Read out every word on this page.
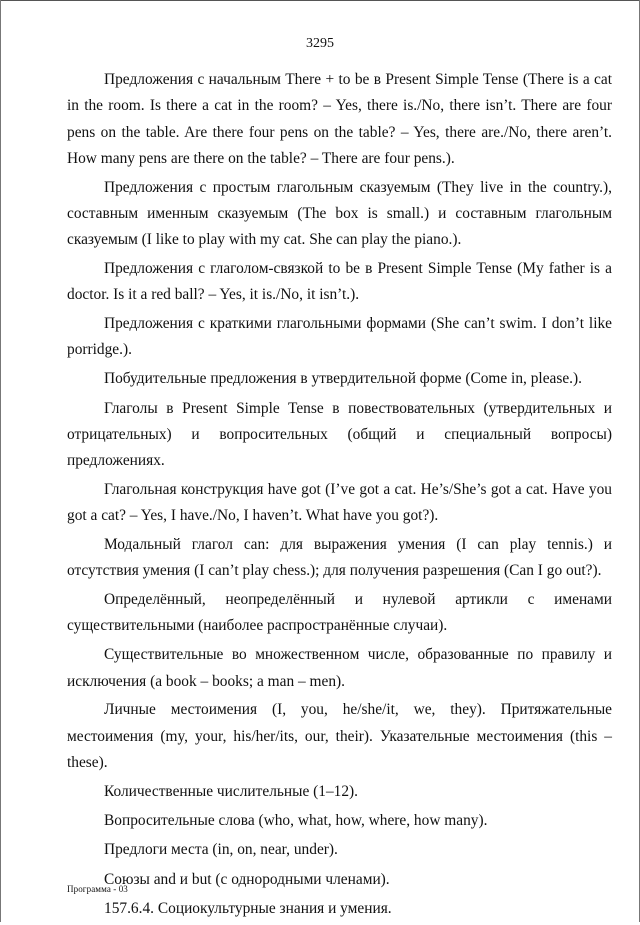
3295

Предложения с начальным There + to be в Present Simple Tense (There is a cat in the room. Is there a cat in the room? – Yes, there is./No, there isn’t. There are four pens on the table. Are there four pens on the table? – Yes, there are./No, there aren’t. How many pens are there on the table? – There are four pens.).

Предложения с простым глагольным сказуемым (They live in the country.), составным именным сказуемым (The box is small.) и составным глагольным сказуемым (I like to play with my cat. She can play the piano.).

Предложения с глаголом-связкой to be в Present Simple Tense (My father is a doctor. Is it a red ball? – Yes, it is./No, it isn’t.).

Предложения с краткими глагольными формами (She can’t swim. I don’t like porridge.).

Побудительные предложения в утвердительной форме (Come in, please.).

Глаголы в Present Simple Tense в повествовательных (утвердительных и отрицательных) и вопросительных (общий и специальный вопросы) предложениях.

Глагольная конструкция have got (I’ve got a cat. He’s/She’s got a cat. Have you got a cat? – Yes, I have./No, I haven’t. What have you got?).

Модальный глагол can: для выражения умения (I can play tennis.) и отсутствия умения (I can’t play chess.); для получения разрешения (Can I go out?).

Определённый, неопределённый и нулевой артикли с именами существительными (наиболее распространённые случаи).

Существительные во множественном числе, образованные по правилу и исключения (a book – books; a man – men).

Личные местоимения (I, you, he/she/it, we, they). Притяжательные местоимения (my, your, his/her/its, our, their). Указательные местоимения (this – these).

Количественные числительные (1–12).

Вопросительные слова (who, what, how, where, how many).

Предлоги места (in, on, near, under).

Союзы and и but (с однородными членами).

157.6.4. Социокультурные знания и умения.

Программа - 03
